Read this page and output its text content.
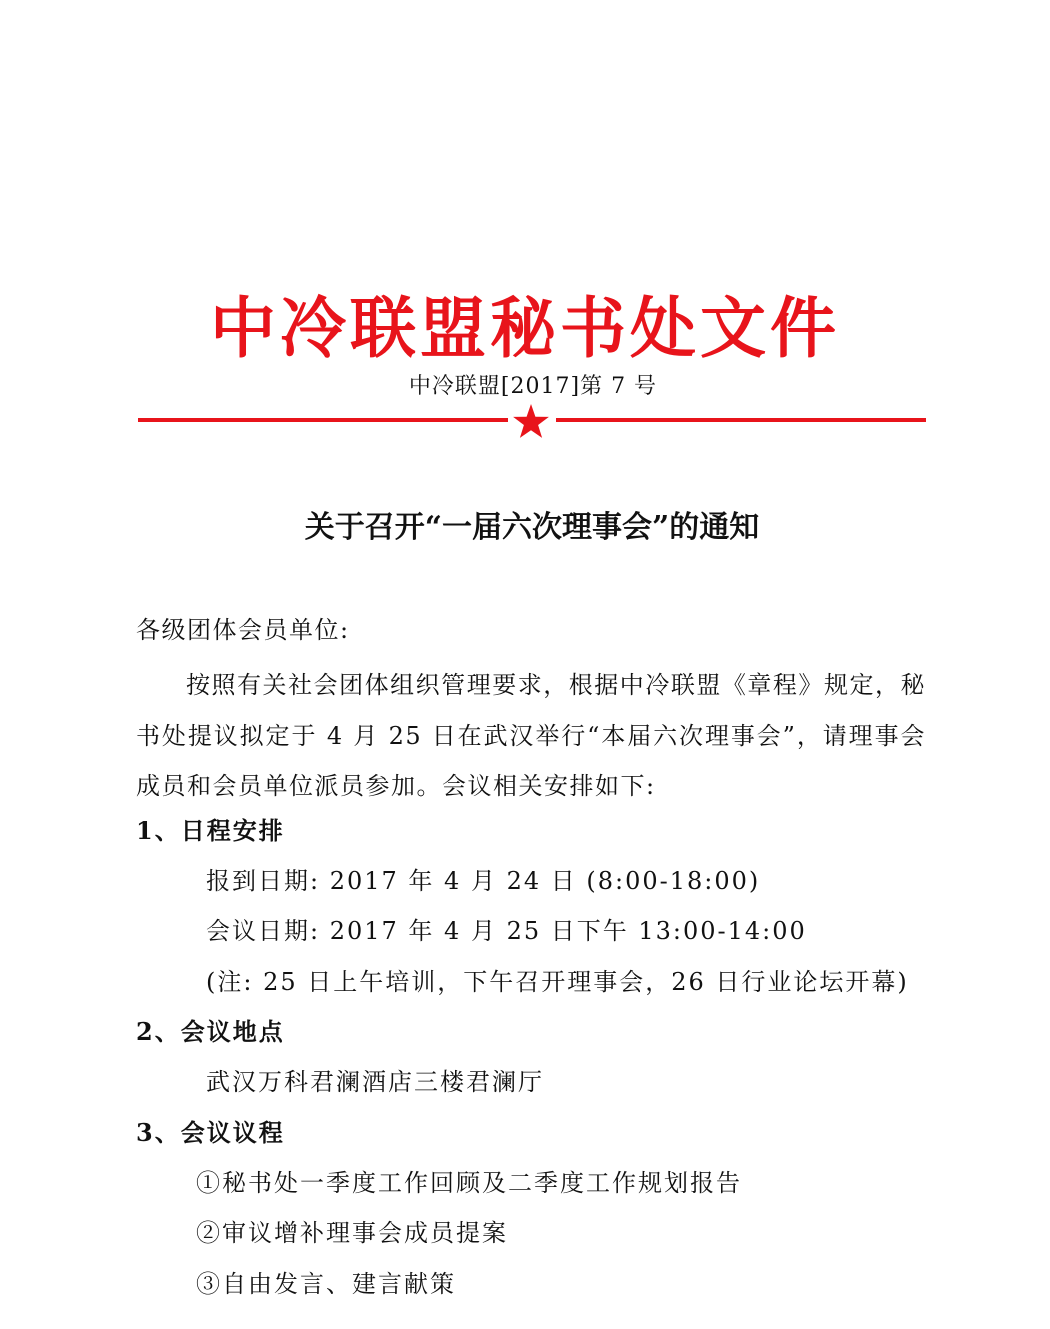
中冷联盟秘书处文件
中冷联盟[2017]第 7 号
关于召开“一届六次理事会”的通知
各级团体会员单位:
按照有关社会团体组织管理要求，根据中冷联盟《章程》规定，秘书处提议拟定于 4 月 25 日在武汉举行“本届六次理事会”，请理事会成员和会员单位派员参加。会议相关安排如下:
1、日程安排
报到日期: 2017 年 4 月 24 日 (8:00-18:00)
会议日期: 2017 年 4 月 25 日下午 13:00-14:00
(注: 25 日上午培训，下午召开理事会，26 日行业论坛开幕)
2、会议地点
武汉万科君澜酒店三楼君澜厅
3、会议议程
①秘书处一季度工作回顾及二季度工作规划报告
②审议增补理事会成员提案
③自由发言、建言献策
